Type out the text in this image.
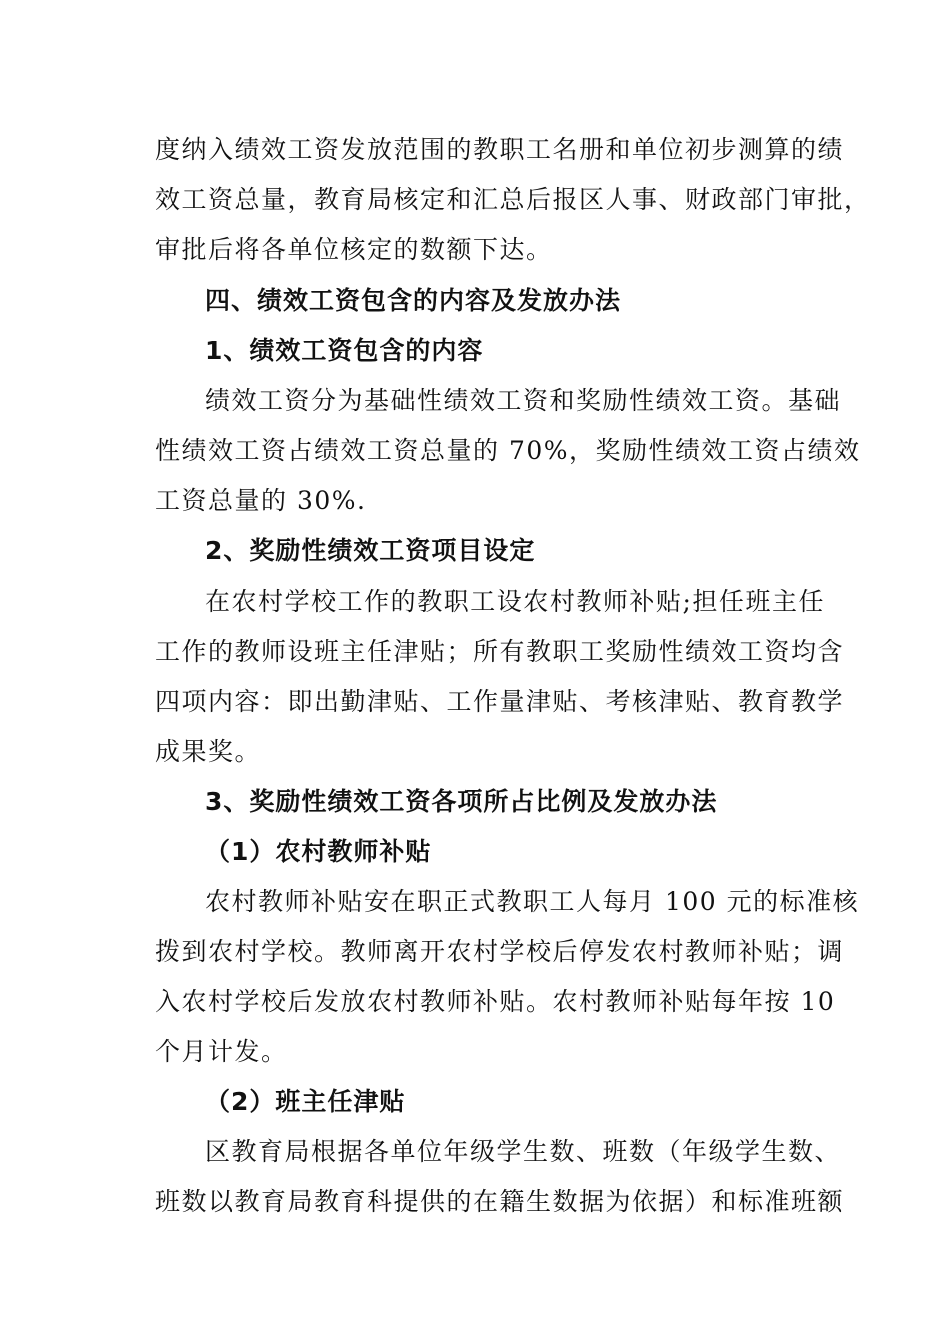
度纳入绩效工资发放范围的教职工名册和单位初步测算的绩
效工资总量，教育局核定和汇总后报区人事、财政部门审批，
审批后将各单位核定的数额下达。
四、绩效工资包含的内容及发放办法
1、绩效工资包含的内容
绩效工资分为基础性绩效工资和奖励性绩效工资。基础
性绩效工资占绩效工资总量的 70%，奖励性绩效工资占绩效
工资总量的 30%.
2、奖励性绩效工资项目设定
在农村学校工作的教职工设农村教师补贴;担任班主任
工作的教师设班主任津贴；所有教职工奖励性绩效工资均含
四项内容：即出勤津贴、工作量津贴、考核津贴、教育教学
成果奖。
3、奖励性绩效工资各项所占比例及发放办法
（1）农村教师补贴
农村教师补贴安在职正式教职工人每月 100 元的标准核
拨到农村学校。教师离开农村学校后停发农村教师补贴；调
入农村学校后发放农村教师补贴。农村教师补贴每年按 10
个月计发。
（2）班主任津贴
区教育局根据各单位年级学生数、班数（年级学生数、
班数以教育局教育科提供的在籍生数据为依据）和标准班额
